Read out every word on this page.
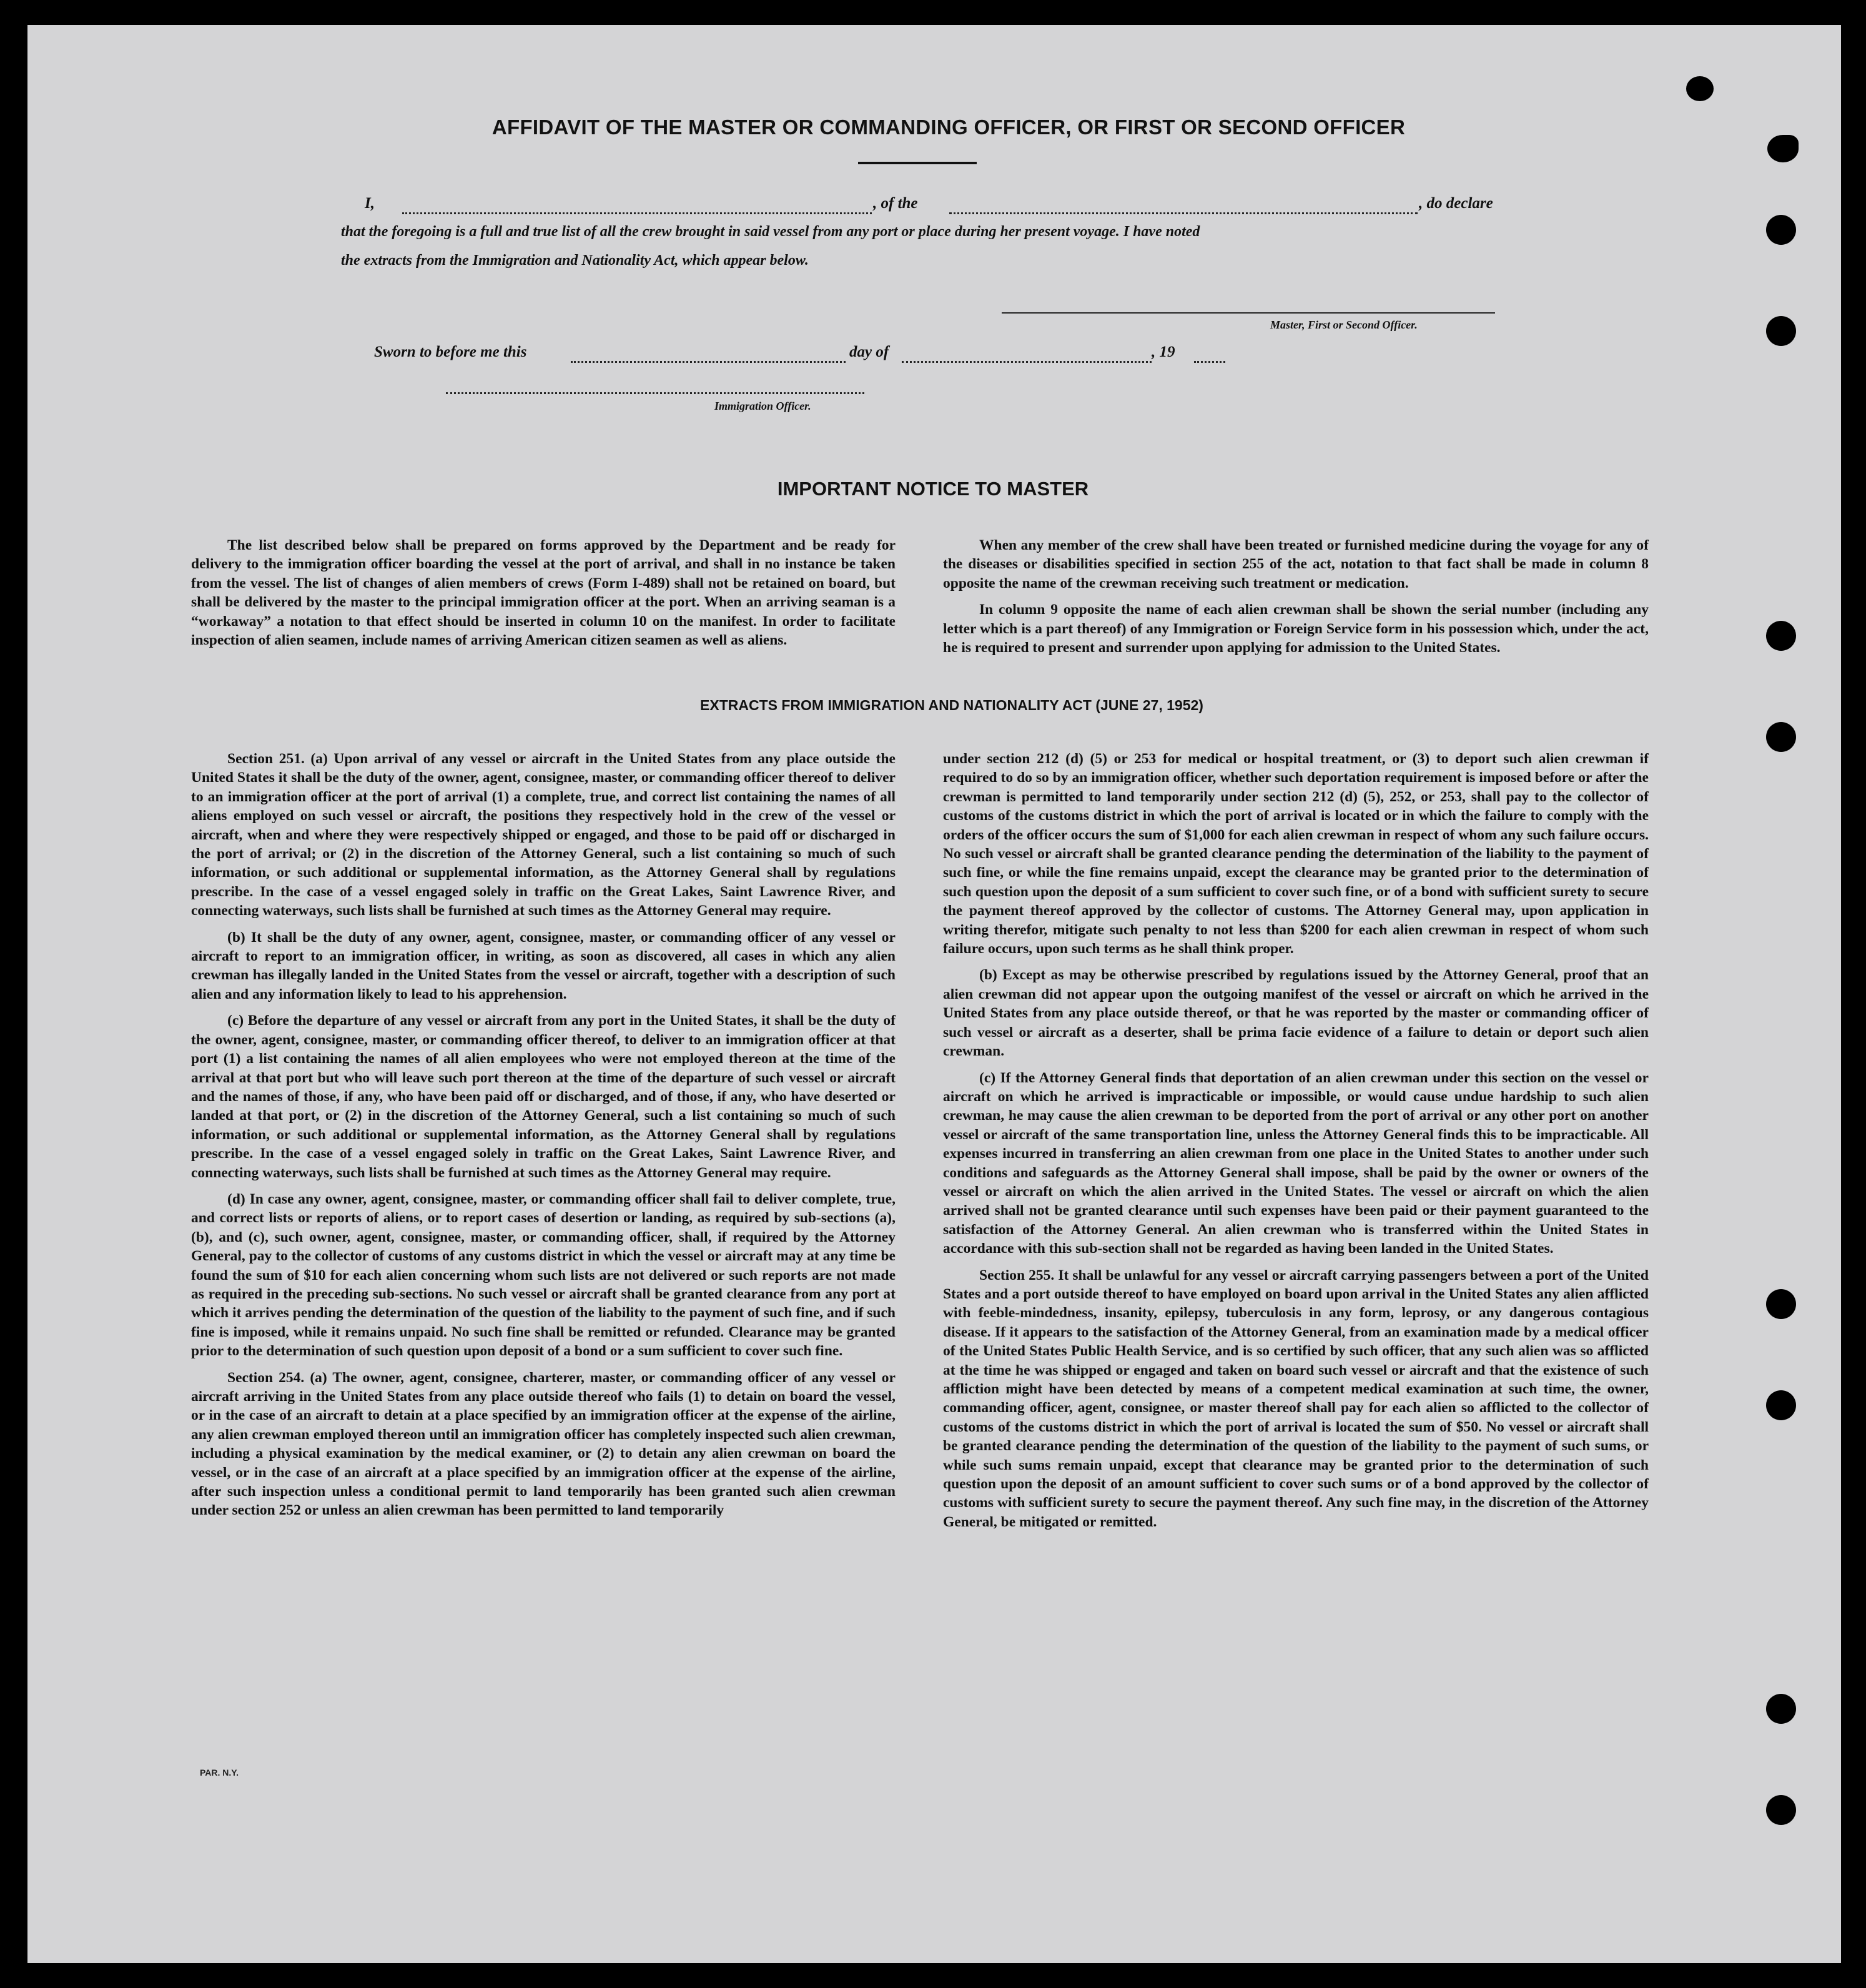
AFFIDAVIT OF THE MASTER OR COMMANDING OFFICER, OR FIRST OR SECOND OFFICER
I,	, of the	, do declare
that the foregoing is a full and true list of all the crew brought in said vessel from any port or place during her present voyage. I have noted
the extracts from the Immigration and Nationality Act, which appear below.
Master, First or Second Officer.
Sworn to before me this	day of	, 19
Immigration Officer.
IMPORTANT NOTICE TO MASTER

The list described below shall be prepared on forms approved by the Department and be ready for delivery to the immigration officer boarding the vessel at the port of arrival, and shall in no instance be taken from the vessel. The list of changes of alien members of crews (Form I-489) shall not be retained on board, but shall be delivered by the master to the principal immigration officer at the port. When an arriving seaman is a “workaway” a notation to that effect should be inserted in column 10 on the manifest. In order to facilitate inspection of alien seamen, include names of arriving American citizen seamen as well as aliens.

When any member of the crew shall have been treated or furnished medicine during the voyage for any of the diseases or disabilities specified in section 255 of the act, notation to that fact shall be made in column 8 opposite the name of the crewman receiving such treatment or medication.

In column 9 opposite the name of each alien crewman shall be shown the serial number (including any letter which is a part thereof) of any Immigration or Foreign Service form in his possession which, under the act, he is required to present and surrender upon applying for admission to the United States.

EXTRACTS FROM IMMIGRATION AND NATIONALITY ACT (JUNE 27, 1952)

Section 251. (a) Upon arrival of any vessel or aircraft in the United States from any place outside the United States it shall be the duty of the owner, agent, consignee, master, or commanding officer thereof to deliver to an immigration officer at the port of arrival (1) a complete, true, and correct list containing the names of all aliens employed on such vessel or aircraft, the positions they respectively hold in the crew of the vessel or aircraft, when and where they were respectively shipped or engaged, and those to be paid off or discharged in the port of arrival; or (2) in the discretion of the Attorney General, such a list containing so much of such information, or such additional or supplemental information, as the Attorney General shall by regulations prescribe. In the case of a vessel engaged solely in traffic on the Great Lakes, Saint Lawrence River, and connecting waterways, such lists shall be furnished at such times as the Attorney General may require.

(b) It shall be the duty of any owner, agent, consignee, master, or commanding officer of any vessel or aircraft to report to an immigration officer, in writing, as soon as discovered, all cases in which any alien crewman has illegally landed in the United States from the vessel or aircraft, together with a description of such alien and any information likely to lead to his apprehension.

(c) Before the departure of any vessel or aircraft from any port in the United States, it shall be the duty of the owner, agent, consignee, master, or commanding officer thereof, to deliver to an immigration officer at that port (1) a list containing the names of all alien employees who were not employed thereon at the time of the arrival at that port but who will leave such port thereon at the time of the departure of such vessel or aircraft and the names of those, if any, who have been paid off or discharged, and of those, if any, who have deserted or landed at that port, or (2) in the discretion of the Attorney General, such a list containing so much of such information, or such additional or supplemental information, as the Attorney General shall by regulations prescribe. In the case of a vessel engaged solely in traffic on the Great Lakes, Saint Lawrence River, and connecting waterways, such lists shall be furnished at such times as the Attorney General may require.

(d) In case any owner, agent, consignee, master, or commanding officer shall fail to deliver complete, true, and correct lists or reports of aliens, or to report cases of desertion or landing, as required by sub-sections (a), (b), and (c), such owner, agent, consignee, master, or commanding officer, shall, if required by the Attorney General, pay to the collector of customs of any customs district in which the vessel or aircraft may at any time be found the sum of $10 for each alien concerning whom such lists are not delivered or such reports are not made as required in the preceding sub-sections. No such vessel or aircraft shall be granted clearance from any port at which it arrives pending the determination of the question of the liability to the payment of such fine, and if such fine is imposed, while it remains unpaid. No such fine shall be remitted or refunded. Clearance may be granted prior to the determination of such question upon deposit of a bond or a sum sufficient to cover such fine.

Section 254. (a) The owner, agent, consignee, charterer, master, or commanding officer of any vessel or aircraft arriving in the United States from any place outside thereof who fails (1) to detain on board the vessel, or in the case of an aircraft to detain at a place specified by an immigration officer at the expense of the airline, any alien crewman employed thereon until an immigration officer has completely inspected such alien crewman, including a physical examination by the medical examiner, or (2) to detain any alien crewman on board the vessel, or in the case of an aircraft at a place specified by an immigration officer at the expense of the airline, after such inspection unless a conditional permit to land temporarily has been granted such alien crewman under section 252 or unless an alien crewman has been permitted to land temporarily

under section 212 (d) (5) or 253 for medical or hospital treatment, or (3) to deport such alien crewman if required to do so by an immigration officer, whether such deportation requirement is imposed before or after the crewman is permitted to land temporarily under section 212 (d) (5), 252, or 253, shall pay to the collector of customs of the customs district in which the port of arrival is located or in which the failure to comply with the orders of the officer occurs the sum of $1,000 for each alien crewman in respect of whom any such failure occurs. No such vessel or aircraft shall be granted clearance pending the determination of the liability to the payment of such fine, or while the fine remains unpaid, except the clearance may be granted prior to the determination of such question upon the deposit of a sum sufficient to cover such fine, or of a bond with sufficient surety to secure the payment thereof approved by the collector of customs. The Attorney General may, upon application in writing therefor, mitigate such penalty to not less than $200 for each alien crewman in respect of whom such failure occurs, upon such terms as he shall think proper.

(b) Except as may be otherwise prescribed by regulations issued by the Attorney General, proof that an alien crewman did not appear upon the outgoing manifest of the vessel or aircraft on which he arrived in the United States from any place outside thereof, or that he was reported by the master or commanding officer of such vessel or aircraft as a deserter, shall be prima facie evidence of a failure to detain or deport such alien crewman.

(c) If the Attorney General finds that deportation of an alien crewman under this section on the vessel or aircraft on which he arrived is impracticable or impossible, or would cause undue hardship to such alien crewman, he may cause the alien crewman to be deported from the port of arrival or any other port on another vessel or aircraft of the same transportation line, unless the Attorney General finds this to be impracticable. All expenses incurred in transferring an alien crewman from one place in the United States to another under such conditions and safeguards as the Attorney General shall impose, shall be paid by the owner or owners of the vessel or aircraft on which the alien arrived in the United States. The vessel or aircraft on which the alien arrived shall not be granted clearance until such expenses have been paid or their payment guaranteed to the satisfaction of the Attorney General. An alien crewman who is transferred within the United States in accordance with this sub-section shall not be regarded as having been landed in the United States.

Section 255. It shall be unlawful for any vessel or aircraft carrying passengers between a port of the United States and a port outside thereof to have employed on board upon arrival in the United States any alien afflicted with feeble-mindedness, insanity, epilepsy, tuberculosis in any form, leprosy, or any dangerous contagious disease. If it appears to the satisfaction of the Attorney General, from an examination made by a medical officer of the United States Public Health Service, and is so certified by such officer, that any such alien was so afflicted at the time he was shipped or engaged and taken on board such vessel or aircraft and that the existence of such affliction might have been detected by means of a competent medical examination at such time, the owner, commanding officer, agent, consignee, or master thereof shall pay for each alien so afflicted to the collector of customs of the customs district in which the port of arrival is located the sum of $50. No vessel or aircraft shall be granted clearance pending the determination of the question of the liability to the payment of such sums, or while such sums remain unpaid, except that clearance may be granted prior to the determination of such question upon the deposit of an amount sufficient to cover such sums or of a bond approved by the collector of customs with sufficient surety to secure the payment thereof. Any such fine may, in the discretion of the Attorney General, be mitigated or remitted.

PAR. N.Y.
